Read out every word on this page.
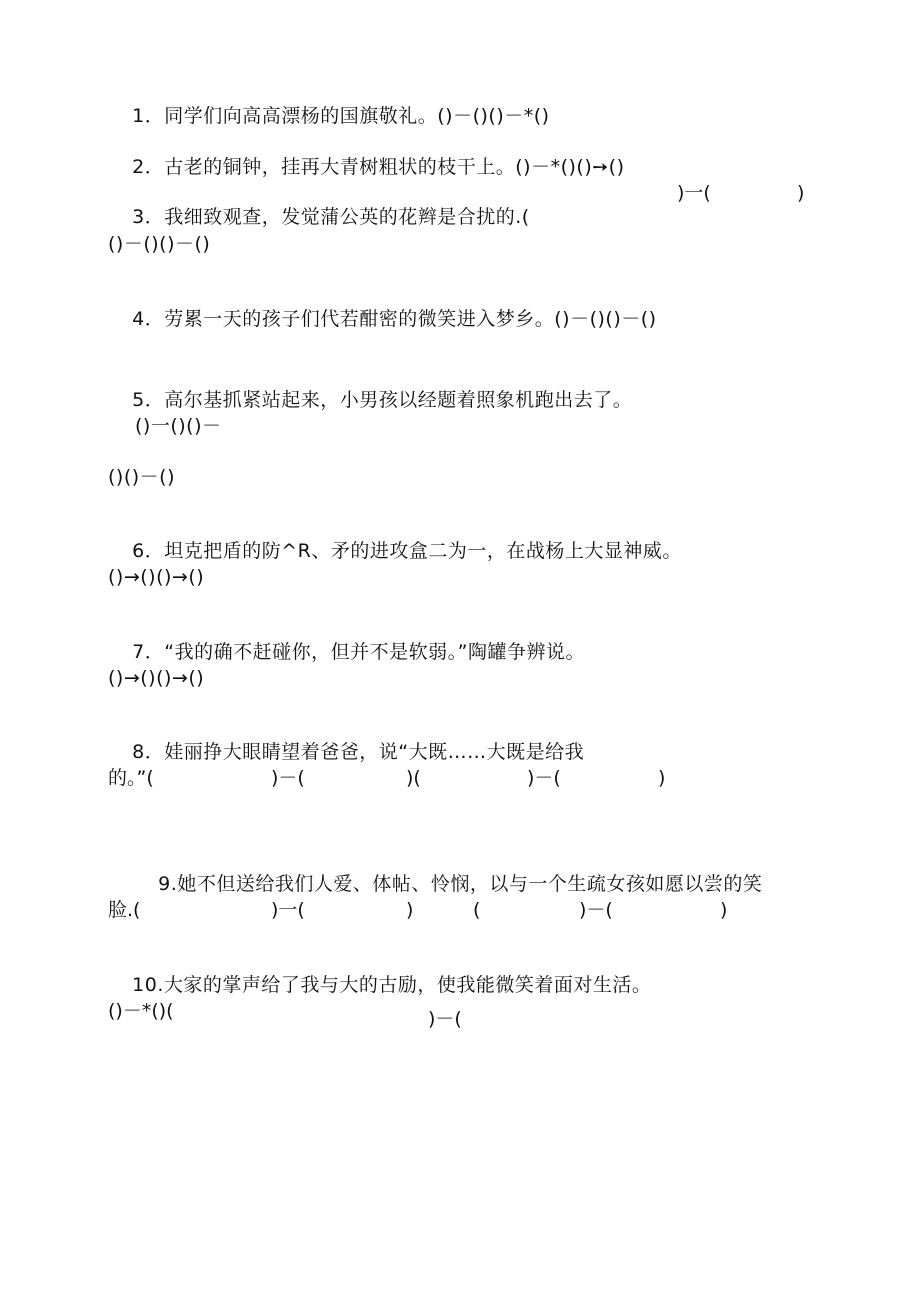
1．同学们向高高漂杨的国旗敬礼。()－()()－*()

2．古老的铜钟，挂再大青树粗状的枝干上。()－*()()➙()

3．我细致观查，发觉蒲公英的花辫是合扰的.(

)一(	)
()－()()－()

4．劳累一天的孩子们代若酣密的微笑进入梦乡。()－()()－()

5．高尔基抓紧站起来，小男孩以经题着照象机跑出去了。

()一()()－
()()－()

6．坦克把盾的防^R、矛的进攻盒二为一，在战杨上大显神威。

()→()()→()

7．“我的确不赶碰你，但并不是软弱。”陶罐争辨说。

()→()()→()

8．娃丽挣大眼睛望着爸爸，说“大既……大既是给我

的。”(	)－(	)(	)－(	)

9.她不但送给我们人爱、体帖、怜悯，以与一个生疏女孩如愿以尝的笑

脸.(	)一(	)	(	)－(	)

10.大家的掌声给了我与大的古励，使我能微笑着面对生活。

()－*()(	)－(
